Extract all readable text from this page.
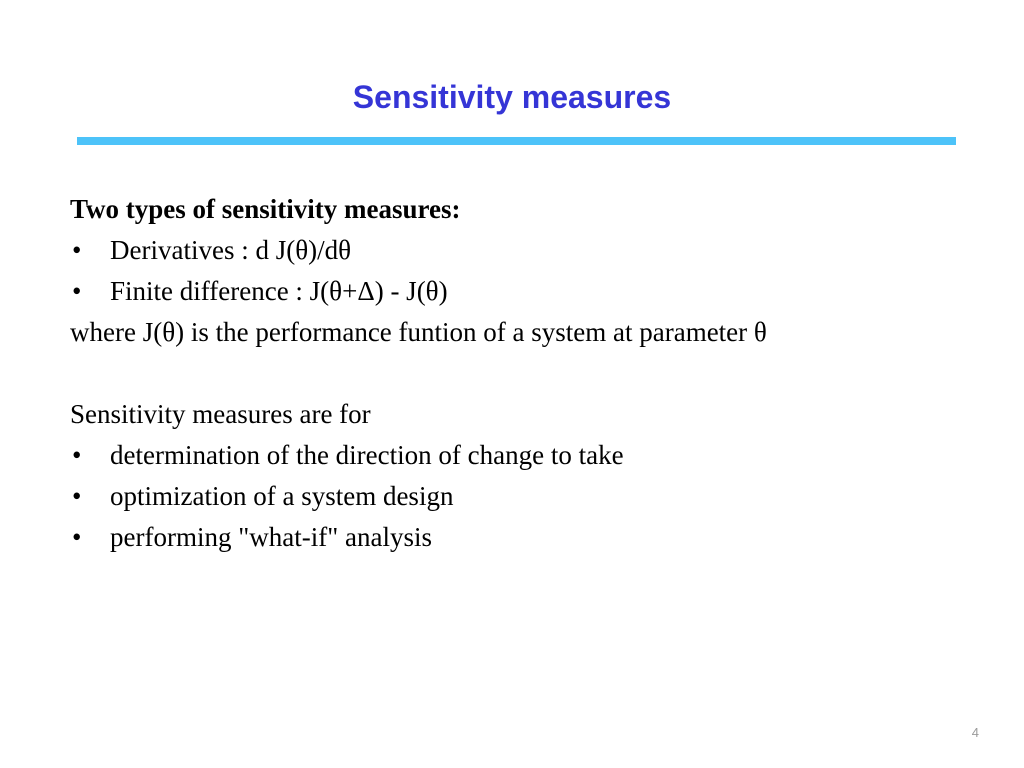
Sensitivity measures
Two types of sensitivity measures:
• Derivatives : d J(θ)/dθ
• Finite difference : J(θ+Δ) - J(θ)
where J(θ) is the performance funtion of a system at parameter θ
Sensitivity measures are for
• determination of the direction of change to take
• optimization of a system design
• performing "what-if" analysis
4
